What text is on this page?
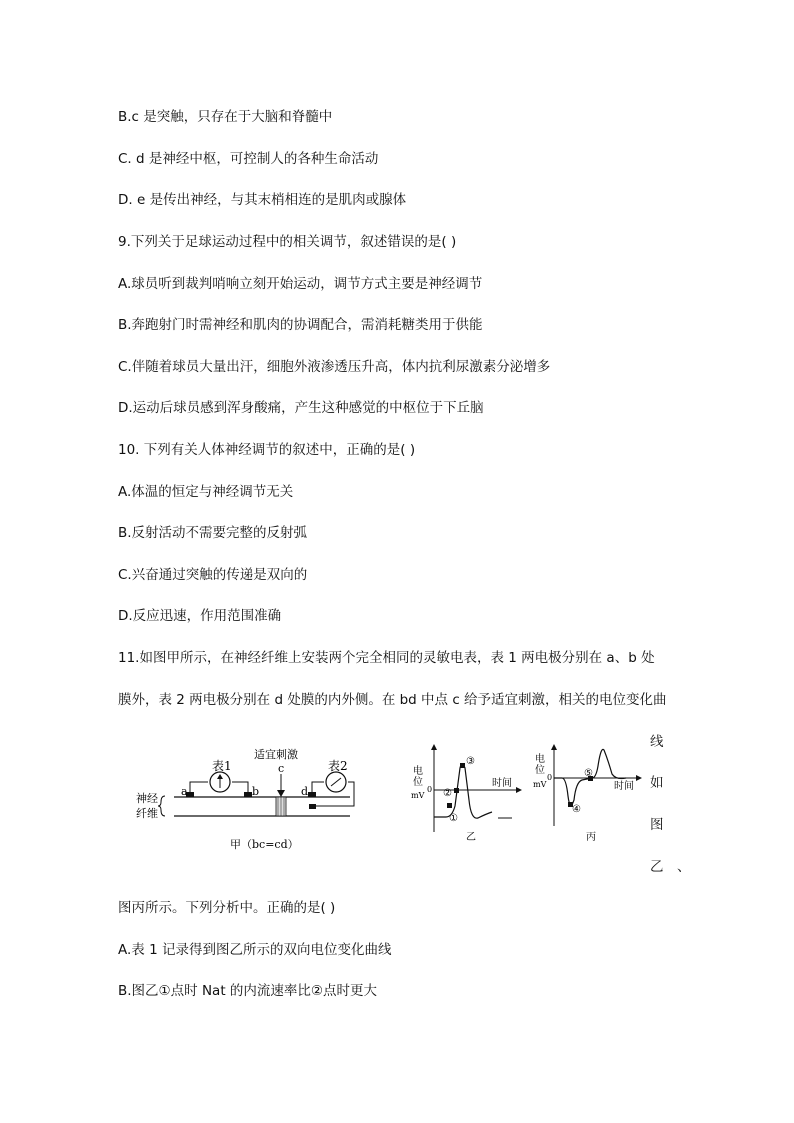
B.c 是突触，只存在于大脑和脊髓中
C. d 是神经中枢，可控制人的各种生命活动
D. e 是传出神经，与其末梢相连的是肌肉或腺体
9.下列关于足球运动过程中的相关调节，叙述错误的是( )
A.球员听到裁判哨响立刻开始运动，调节方式主要是神经调节
B.奔跑射门时需神经和肌肉的协调配合，需消耗糖类用于供能
C.伴随着球员大量出汗，细胞外液渗透压升高，体内抗利尿激素分泌增多
D.运动后球员感到浑身酸痛，产生这种感觉的中枢位于下丘脑
10. 下列有关人体神经调节的叙述中，正确的是( )
A.体温的恒定与神经调节无关
B.反射活动不需要完整的反射弧
C.兴奋通过突触的传递是双向的
D.反应迅速，作用范围准确
11.如图甲所示，在神经纤维上安装两个完全相同的灵敏电表，表 1 两电极分别在 a、b 处
膜外，表 2 两电极分别在 d 处膜的内外侧。在 bd 中点 c 给予适宜刺激，相关的电位变化曲
线
如
图
乙　、
图丙所示。下列分析中。正确的是( )
A.表 1 记录得到图乙所示的双向电位变化曲线
B.图乙①点时 Nat 的内流速率比②点时更大
表1	表2
适宜刺激
c
a	b	d
神经
纤维
甲（bc=cd）
电
位
mV
0
时间
①
②
③
乙
电
位
mV
0
时间
④
⑤
丙
